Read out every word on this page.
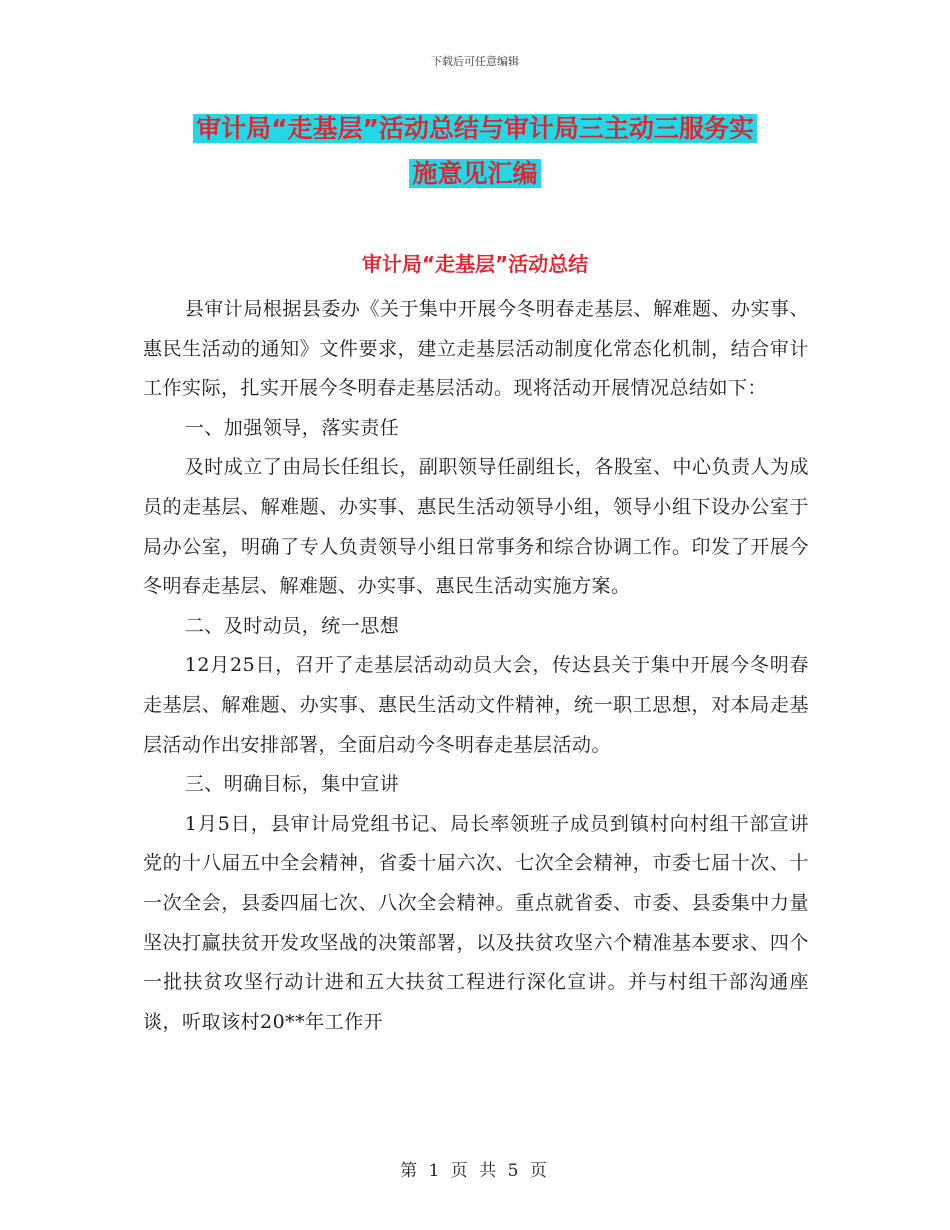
下载后可任意编辑
审计局“走基层”活动总结与审计局三主动三服务实
施意见汇编
审计局“走基层”活动总结

县审计局根据县委办《关于集中开展今冬明春走基层、解难题、办实事、惠民生活动的通知》文件要求，建立走基层活动制度化常态化机制，结合审计工作实际，扎实开展今冬明春走基层活动。现将活动开展情况总结如下：

一、加强领导，落实责任

及时成立了由局长任组长，副职领导任副组长，各股室、中心负责人为成员的走基层、解难题、办实事、惠民生活动领导小组，领导小组下设办公室于局办公室，明确了专人负责领导小组日常事务和综合协调工作。印发了开展今冬明春走基层、解难题、办实事、惠民生活动实施方案。

二、及时动员，统一思想

12月25日，召开了走基层活动动员大会，传达县关于集中开展今冬明春走基层、解难题、办实事、惠民生活动文件精神，统一职工思想，对本局走基层活动作出安排部署，全面启动今冬明春走基层活动。

三、明确目标，集中宣讲

1月5日，县审计局党组书记、局长率领班子成员到镇村向村组干部宣讲党的十八届五中全会精神，省委十届六次、七次全会精神，市委七届十次、十一次全会，县委四届七次、八次全会精神。重点就省委、市委、县委集中力量坚决打赢扶贫开发攻坚战的决策部署，以及扶贫攻坚六个精准基本要求、四个一批扶贫攻坚行动计进和五大扶贫工程进行深化宣讲。并与村组干部沟通座谈，听取该村20**年工作开

第 1 页 共 5 页
